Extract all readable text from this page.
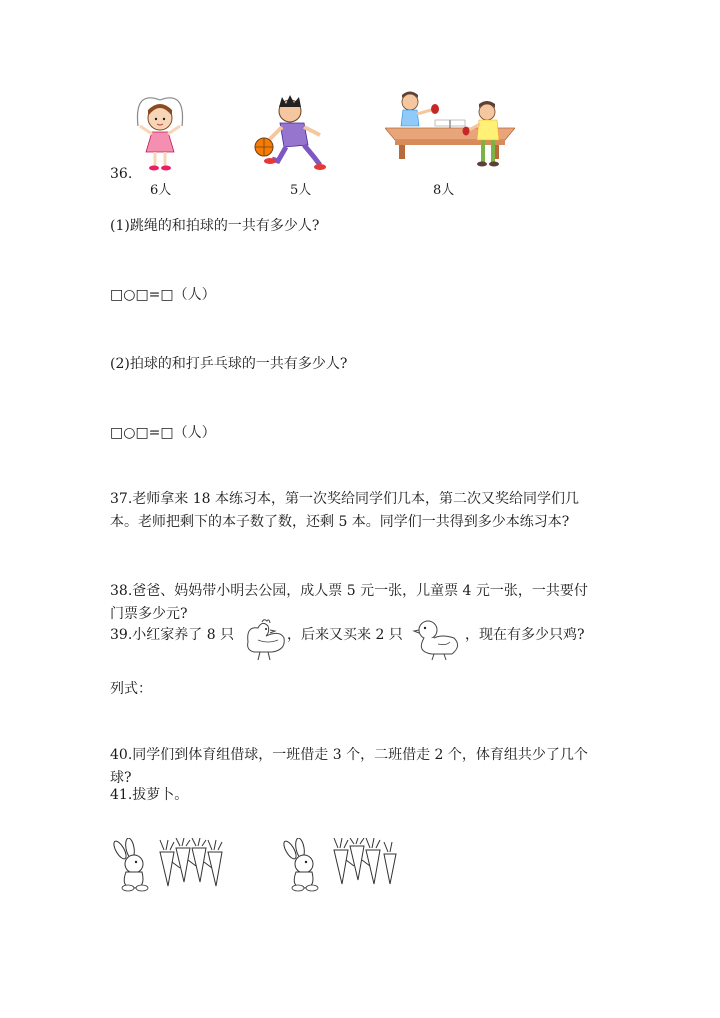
36.
6人	5人	8人
(1)跳绳的和拍球的一共有多少人?
□○□=□（人）
(2)拍球的和打乒乓球的一共有多少人?
□○□=□（人）
37.老师拿来 18 本练习本，第一次奖给同学们几本，第二次又奖给同学们几本。老师把剩下的本子数了数，还剩 5 本。同学们一共得到多少本练习本?
38.爸爸、妈妈带小明去公园，成人票 5 元一张，儿童票 4 元一张，一共要付门票多少元?
39.小红家养了 8 只	，后来又买来 2 只	，现在有多少只鸡?
列式：
40.同学们到体育组借球，一班借走 3 个，二班借走 2 个，体育组共少了几个球?
41.拔萝卜。
